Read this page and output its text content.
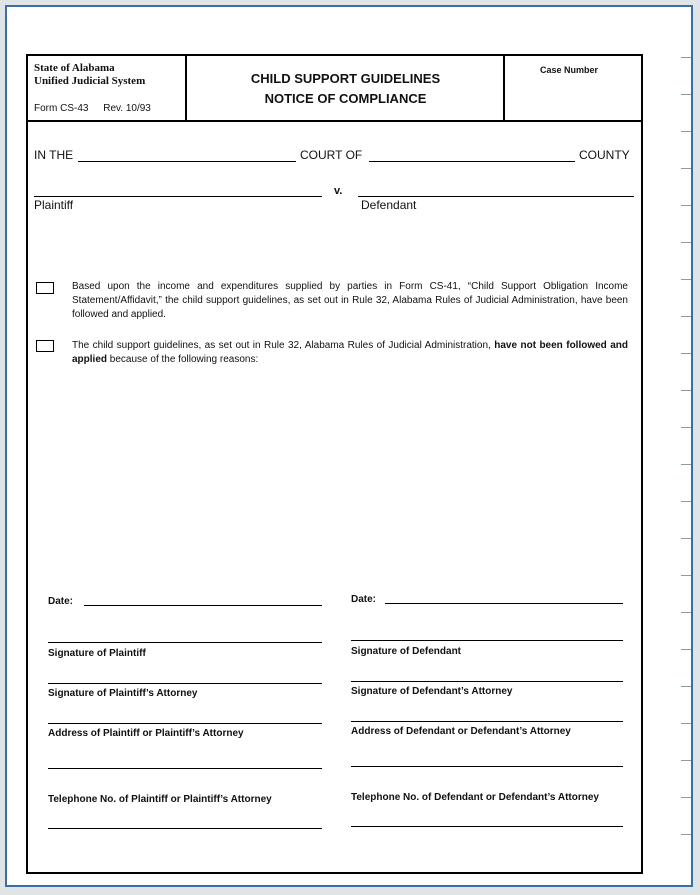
State of Alabama
Unified Judicial System
Form CS-43 Rev. 10/93
CHILD SUPPORT GUIDELINES
NOTICE OF COMPLIANCE
Case Number
IN THE	COURT OF	COUNTY
Plaintiff
v.
Defendant
Based upon the income and expenditures supplied by parties in Form CS-41, “Child Support Obligation Income Statement/Affidavit,” the child support guidelines, as set out in Rule 32, Alabama Rules of Judicial Administration, have been followed and applied.
The child support guidelines, as set out in Rule 32, Alabama Rules of Judicial Administration, have not been followed and applied because of the following reasons:
Date:
Signature of Plaintiff
Signature of Plaintiff’s Attorney
Address of Plaintiff or Plaintiff’s Attorney
Telephone No. of Plaintiff or Plaintiff’s Attorney
Date:
Signature of Defendant
Signature of Defendant’s Attorney
Address of Defendant or Defendant’s Attorney
Telephone No. of Defendant or Defendant’s Attorney
